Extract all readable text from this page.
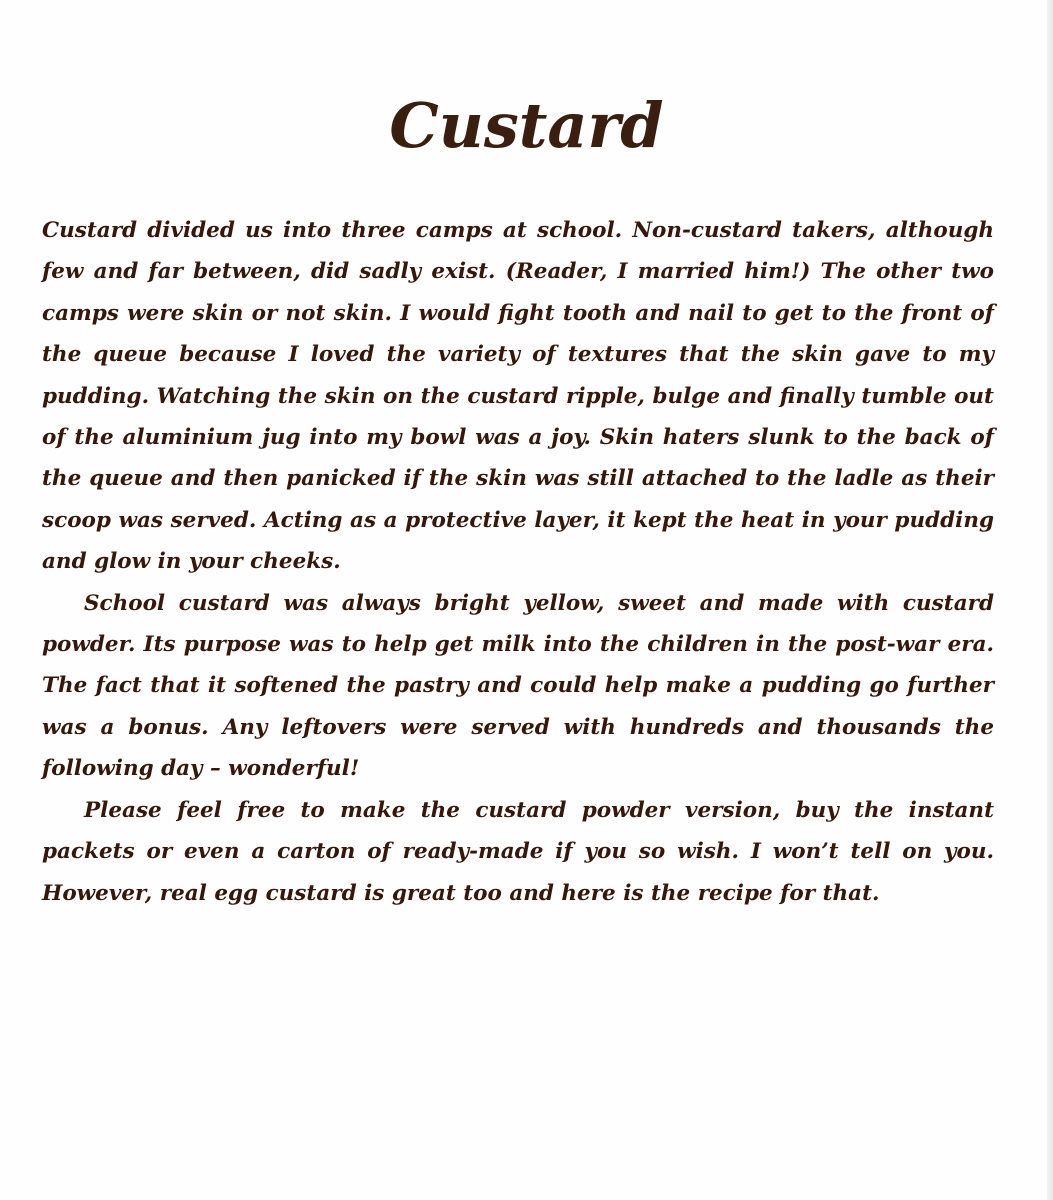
Custard

Custard divided us into three camps at school. Non-custard takers, although few and far between, did sadly exist. (Reader, I married him!) The other two camps were skin or not skin. I would fight tooth and nail to get to the front of the queue because I loved the variety of textures that the skin gave to my pudding. Watching the skin on the custard ripple, bulge and finally tumble out of the aluminium jug into my bowl was a joy. Skin haters slunk to the back of the queue and then panicked if the skin was still attached to the ladle as their scoop was served. Acting as a protective layer, it kept the heat in your pudding and glow in your cheeks.

School custard was always bright yellow, sweet and made with custard powder. Its purpose was to help get milk into the children in the post-war era. The fact that it softened the pastry and could help make a pudding go further was a bonus. Any leftovers were served with hundreds and thousands the following day – wonderful!

Please feel free to make the custard powder version, buy the instant packets or even a carton of ready-made if you so wish. I won’t tell on you. However, real egg custard is great too and here is the recipe for that.
